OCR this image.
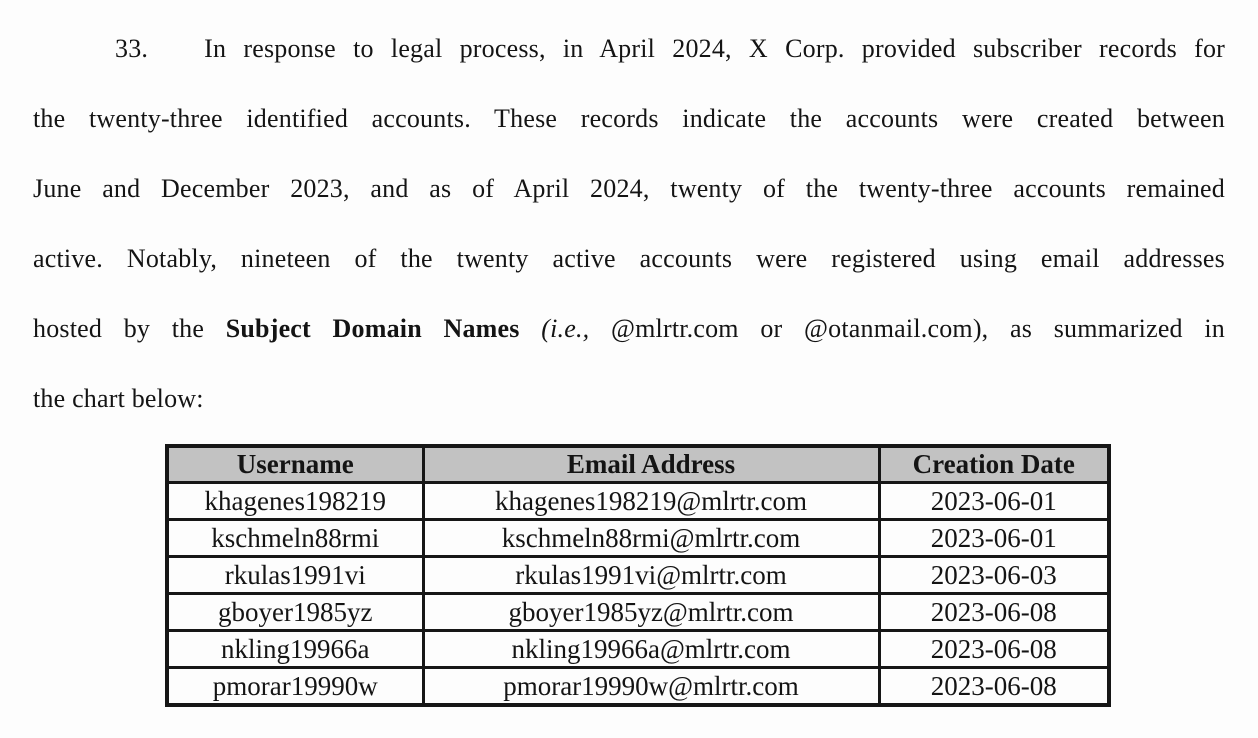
33. In response to legal process, in April 2024, X Corp. provided subscriber records for
the twenty-three identified accounts. These records indicate the accounts were created between
June and December 2023, and as of April 2024, twenty of the twenty-three accounts remained
active. Notably, nineteen of the twenty active accounts were registered using email addresses
hosted by the Subject Domain Names (i.e., @mlrtr.com or @otanmail.com), as summarized in
the chart below:
Username	Email Address	Creation Date
khagenes198219	khagenes198219@mlrtr.com	2023-06-01
kschmeln88rmi	kschmeln88rmi@mlrtr.com	2023-06-01
rkulas1991vi	rkulas1991vi@mlrtr.com	2023-06-03
gboyer1985yz	gboyer1985yz@mlrtr.com	2023-06-08
nkling19966a	nkling19966a@mlrtr.com	2023-06-08
pmorar19990w	pmorar19990w@mlrtr.com	2023-06-08
